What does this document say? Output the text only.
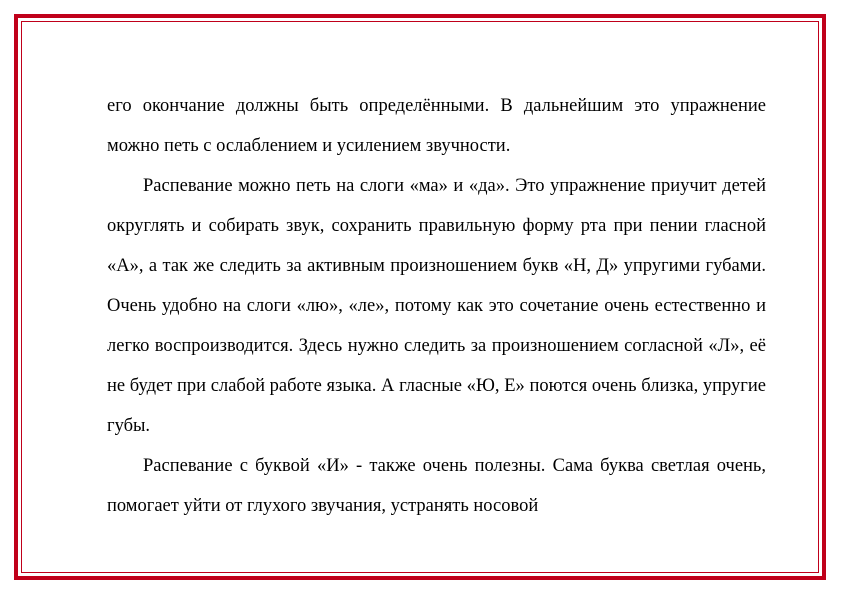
его окончание должны быть определёнными. В дальнейшим это упражнение можно петь с ослаблением и усилением звучности.

Распевание можно петь на слоги «ма» и «да». Это упражнение приучит детей округлять и собирать звук, сохранить правильную форму рта при пении гласной «А», а так же следить за активным произношением букв «Н, Д» упругими губами. Очень удобно на слоги «лю», «ле», потому как это сочетание очень естественно и легко воспроизводится. Здесь нужно следить за произношением согласной «Л», её не будет при слабой работе языка. А гласные «Ю, Е» поются очень близка, упругие губы.

Распевание с буквой «И» - также очень полезны. Сама буква светлая очень, помогает уйти от глухого звучания, устранять носовой
